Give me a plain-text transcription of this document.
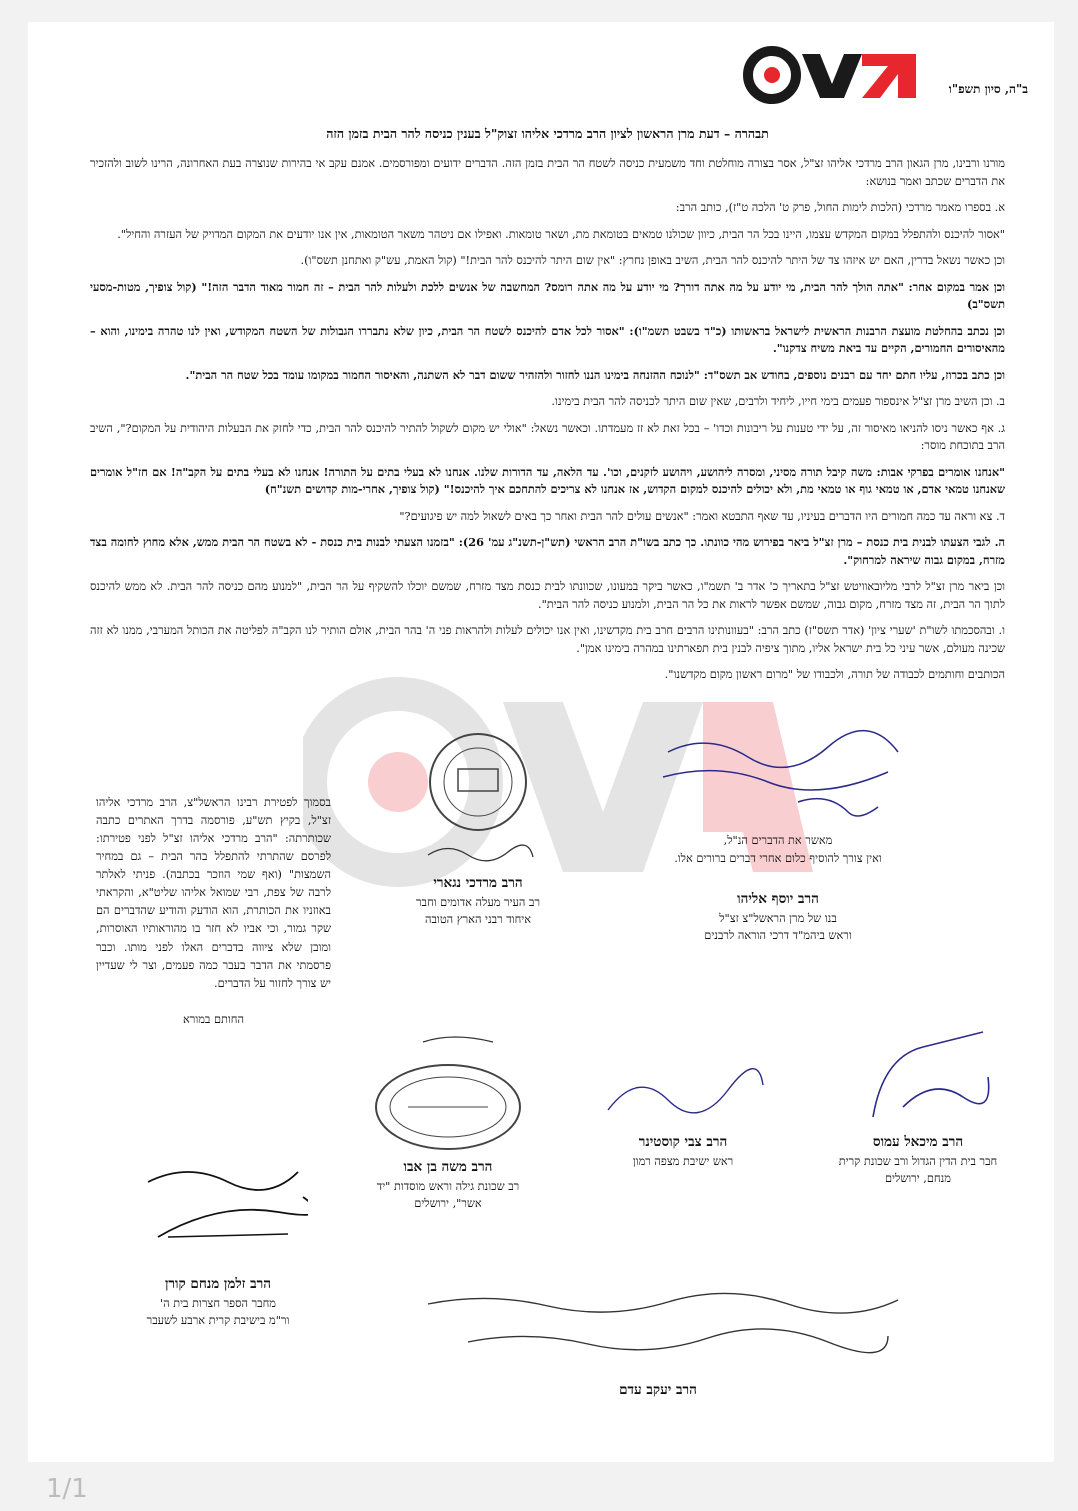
ב"ה, סיון תשפ"ו

תבהרה – דעת מרן הראשון לציון הרב מרדכי אליהו זצוק"ל בענין כניסה להר הבית בזמן הזה

מורנו ורבינו, מרן הגאון הרב מרדכי אליהו זצ"ל, אסר בצורה מוחלטת וחד משמעית כניסה לשטח הר הבית בזמן הזה. הדברים ידועים ומפורסמים. אמנם עקב אי בהירות שנוצרה בעת האחרונה, הרינו לשוב ולהזכיר את הדברים שכתב ואמר בנושא:

א. בספרו מאמר מרדכי (הלכות לימות החול, פרק ט' הלכה ט"ז), כותב הרב:

"אסור להיכנס ולהתפלל במקום המקדש עצמו, היינו בכל הר הבית, כיוון שכולנו טמאים בטומאת מת, ושאר טומאות. ואפילו אם ניטהר משאר הטומאות, אין אנו יודעים את המקום המדויק של העזרה והחיל".

וכן כאשר נשאל בדרין, האם יש איזהו צד של היתר להיכנס להר הבית, השיב באופן נחרץ: "אין שום היתר להיכנס להר הבית!" (קול האמת, עש"ק ואתחנן תשס"ו).

וכן אמר במקום אחר: "אתה הולך להר הבית, מי יודע על מה אתה דורך? מי יודע על מה אתה רומס? המחשבה של אנשים ללכת ולעלות להר הבית – זה חמור מאוד הדבר הזה!" (קול צופיך, מטות-מסעי תשס"ב)

וכן נכתב בהחלטת מועצת הרבנות הראשית לישראל בראשותו (כ"ד בשבט תשמ"ו): "אסור לכל אדם להיכנס לשטח הר הבית, כיון שלא נתבררו הגבולות של השטח המקודש, ואין לנו טהרה בימינו, והוא – מהאיסורים החמורים, הקיים עד ביאת משיח צדקנו".

וכן כתב בכרוז, עליו חתם יחד עם רבנים נוספים, בחודש אב תשס"ד: "לנוכח ההזנחה בימינו הננו לחזור ולהזהיר ששום דבר לא השתנה, והאיסור החמור במקומו עומד בכל שטח הר הבית".

ב. וכן השיב מרן זצ"ל אינספור פעמים בימי חייו, ליחיד ולרבים, שאין שום היתר לכניסה להר הבית בימינו.

ג. אף כאשר ניסו להניאו מאיסור זה, על ידי טענות על ריבונות וכדו' – בכל זאת לא זז מעמדתו. וכאשר נשאל: "אולי יש מקום לשקול להתיר להיכנס להר הבית, כדי לחזק את הבעלות היהודית על המקום?", השיב הרב בתוכחת מוסר:

"אנחנו אומרים בפרקי אבות: משה קיבל תורה מסיני, ומסרה ליהושע, ויהושע לזקנים, וכו'. עד הלאה, עד הדורות שלנו. אנחנו לא בעלי בתים על התורה! אנחנו לא בעלי בתים על הקב"ה! אם חז"ל אומרים שאנחנו טמאי אדם, או טמאי גוף או טמאי מת, ולא יכולים להיכנס למקום הקדוש, אז אנחנו לא צריכים להתחכם איך להיכנס!" (קול צופיך, אחרי-מות קדושים תשנ"ח)

ד. צא וראה עד כמה חמורים היו הדברים בעיניו, עד שאף התבטא ואמר: "אנשים עולים להר הבית ואחר כך באים לשאול למה יש פיגועים?"

ה. לגבי הצעתו לבנית בית כנסת – מרן זצ"ל ביאר בפירוש מהי כוונתו. כך כתב בשו"ת הרב הראשי (תש"ן-תשנ"ג עמ' 26): "בזמנו הצעתי לבנות בית כנסת - לא בשטח הר הבית ממש, אלא מחוץ לחומה בצד מזרח, במקום גבוה שיראה למרחוק".

וכן ביאר מרן זצ"ל לרבי מליובאוויטש זצ"ל בתאריך כ' אדר ב' תשמ"ו, כאשר ביקר במעונו, שכוונתו לבית כנסת מצד מזרח, שמשם יוכלו להשקיף על הר הבית, "למנוע מהם כניסה להר הבית. לא ממש להיכנס לתוך הר הבית, זה מצד מזרח, מקום גבוה, שמשם אפשר לראות את כל הר הבית, ולמנוע כניסה להר הבית".

ו. ובהסכמתו לשו"ת 'שערי ציון' (אדר תשס"ז) כתב הרב: "בעוונותינו הרבים חרב בית מקדשינו, ואין אנו יכולים לעלות ולהראות פני ה' בהר הבית, אולם הותיר לנו הקב"ה לפליטה את הכותל המערבי, ממנו לא זזה שכינה מעולם, אשר עיני כל בית ישראל אליו, מתוך ציפיה לבנין בית תפארתינו במהרה בימינו אמן".

הכותבים וחותמים לכבודה של תורה, ולכבודו של "מרום ראשון מקום מקדשנו".

מאשר את הדברים הנ"ל,
ואין צורך להוסיף כלום אחרי דברים ברורים אלו.
הרב יוסף אליהו
בנו של מרן הראשל"צ זצ"ל
וראש ביהמ"ד דרכי הוראה לרבנים
הרב מרדכי נגארי
רב העיר מעלה אדומים וחבר
איחוד רבני הארץ הטובה
בסמוך לפטירת רבינו הראשל"צ, הרב מרדכי אליהו זצ"ל, בקיץ תש"ע, פורסמה בדרך האתרים כתבה שכותרתה: "הרב מרדכי אליהו זצ"ל לפני פטירתו: לפרסם שהתרתי להתפלל בהר הבית – גם במחיר השמצות" (ואף שמי הוזכר בכתבה). פניתי לאלתר לרבה של צפת, רבי שמואל אליהו שליט"א, והקראתי באוזניו את הכותרת, הוא הודעק והודיע שהדברים הם שקר גמור, וכי אביו לא חזר בו מהוראותיו האוסרות, ומובן שלא ציווה בדברים האלו לפני מותו. וכבר פרסמתי את הדבר בעבר כמה פעמים, וצר לי שעדיין יש צורך לחזור על הדברים.
החותם במורא
הרב מיכאל עמוס
חבר בית הדין הגדול ורב שכונת קרית
מנחם, ירושלים
הרב צבי קוסטינר
ראש ישיבת מצפה רמון
הרב משה בן אבו
רב שכונת גילה וראש מוסדות "יד
אשר", ירושלים
הרב זלמן מנחם קורן
מחבר הספר חצרות בית ה'
ור"מ בישיבת קרית ארבע לשעבר
הרב יעקב עדם
1/1
